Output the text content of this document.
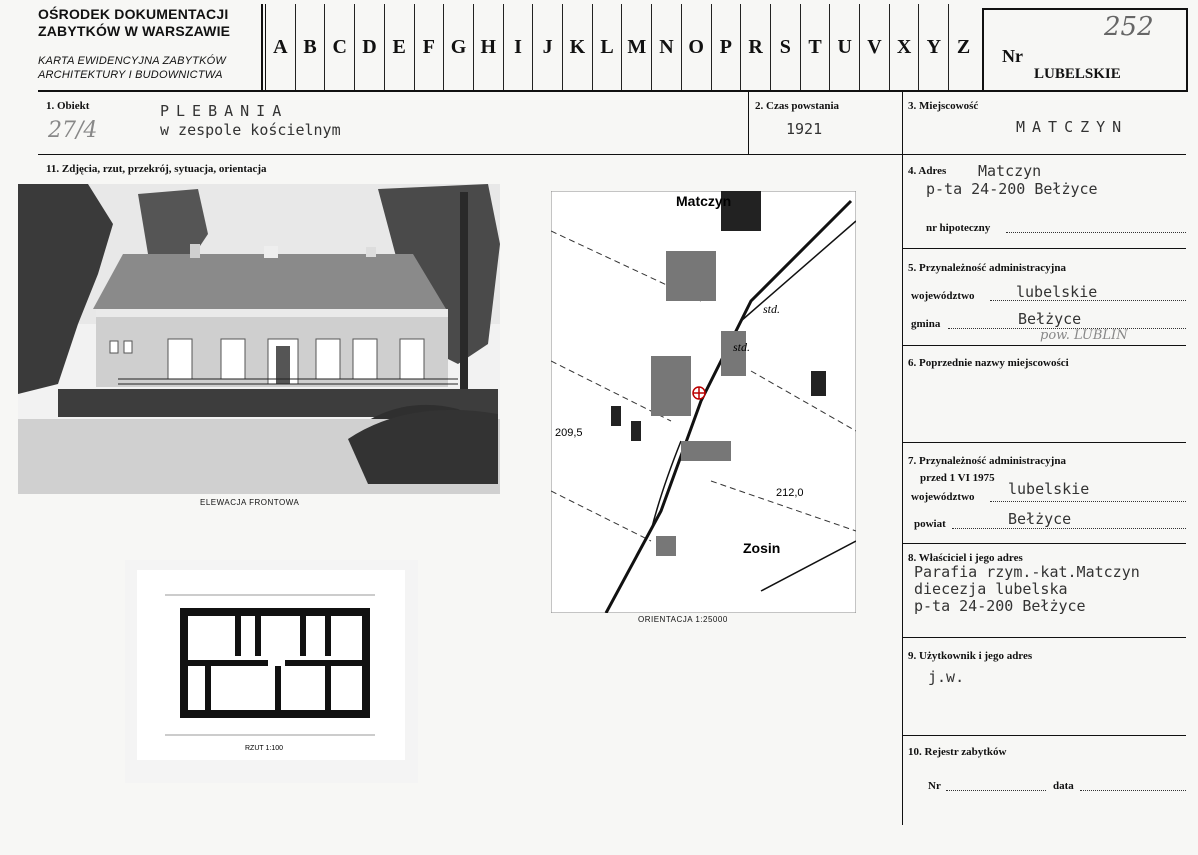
OŚRODEK DOKUMENTACJI
ZABYTKÓW W WARSZAWIE
KARTA EWIDENCYJNA ZABYTKÓW
ARCHITEKTURY I BUDOWNICTWA
A B C D E F G H I	J K L M N O P R S T U V X Y Z
252
Nr
LUBELSKIE
1. Obiekt	PLEBANIA
w zespole kościelnym
27/4
2. Czas powstania
1921
3. Miejscowość
MATCZYN
11. Zdjęcia, rzut, przekrój, sytuacja, orientacja
ELEWACJA FRONTOWA
Matczyn
Zosin
209,5
212,0
std.
std.
ORIENTACJA 1:25000
RZUT 1:100
4. Adres Matczyn
p-ta 24-200 Bełżyce
nr hipoteczny
5. Przynależność administracyjna
województwo	lubelskie
gmina	Bełżyce
pow. LUBLIN
6. Poprzednie nazwy miejscowości
7. Przynależność administracyjna
przed 1 VI 1975
województwo lubelskie
powiat	Bełżyce
8. Właściciel i jego adres
Parafia rzym.-kat.Matczyn
diecezja lubelska
p-ta 24-200 Bełżyce
9. Użytkownik i jego adres
j.w.
10. Rejestr zabytków
Nr	data
